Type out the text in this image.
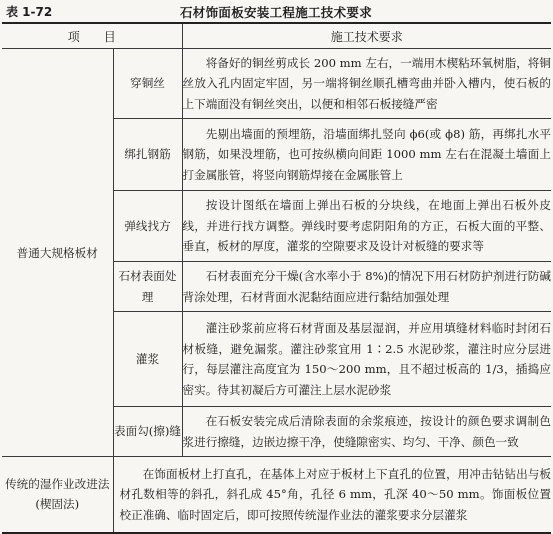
表 1-72	石材饰面板安装工程施工技术要求
项　　目		施工技术要求
普通大规格板材	穿铜丝	将备好的铜丝剪成长 200 mm 左右，一端用木楔粘环氧树脂，将铜丝放入孔内固定牢固，另一端将铜丝顺孔槽弯曲并卧入槽内，使石板的上下端面没有铜丝突出，以便和相邻石板接缝严密
	绑扎钢筋	先剔出墙面的预埋筋，沿墙面绑扎竖向 ϕ6(或 ϕ8) 筋，再绑扎水平钢筋，如果没埋筋，也可按纵横向间距 1000 mm 左右在混凝土墙面上打金属胀管，将竖向钢筋焊接在金属胀管上
	弹线找方	按设计图纸在墙面上弹出石板的分块线，在地面上弹出石板外皮线，并进行找方调整。弹线时要考虑阴阳角的方正，石板大面的平整、垂直，板材的厚度，灌浆的空隙要求及设计对板缝的要求等
	石材表面处理	石材表面充分干燥(含水率小于 8%)的情况下用石材防护剂进行防碱背涂处理，石材背面水泥黏结面应进行黏结加强处理
	灌浆	灌注砂浆前应将石材背面及基层湿润，并应用填缝材料临时封闭石材板缝，避免漏浆。灌注砂浆宜用 1∶2.5 水泥砂浆，灌注时应分层进行，每层灌注高度宜为 150～200 mm，且不超过板高的 1/3，插捣应密实。待其初凝后方可灌注上层水泥砂浆
	表面勾(擦)缝	在石板安装完成后清除表面的余浆痕迹，按设计的颜色要求调制色浆进行擦缝，边嵌边擦干净，使缝隙密实、均匀、干净、颜色一致
传统的湿作业改进法(楔固法)	在饰面板材上打直孔，在基体上对应于板材上下直孔的位置，用冲击钻钻出与板材孔数相等的斜孔，斜孔成 45°角，孔径 6 mm，孔深 40～50 mm。饰面板位置校正准确、临时固定后，即可按照传统湿作业法的灌浆要求分层灌浆	
